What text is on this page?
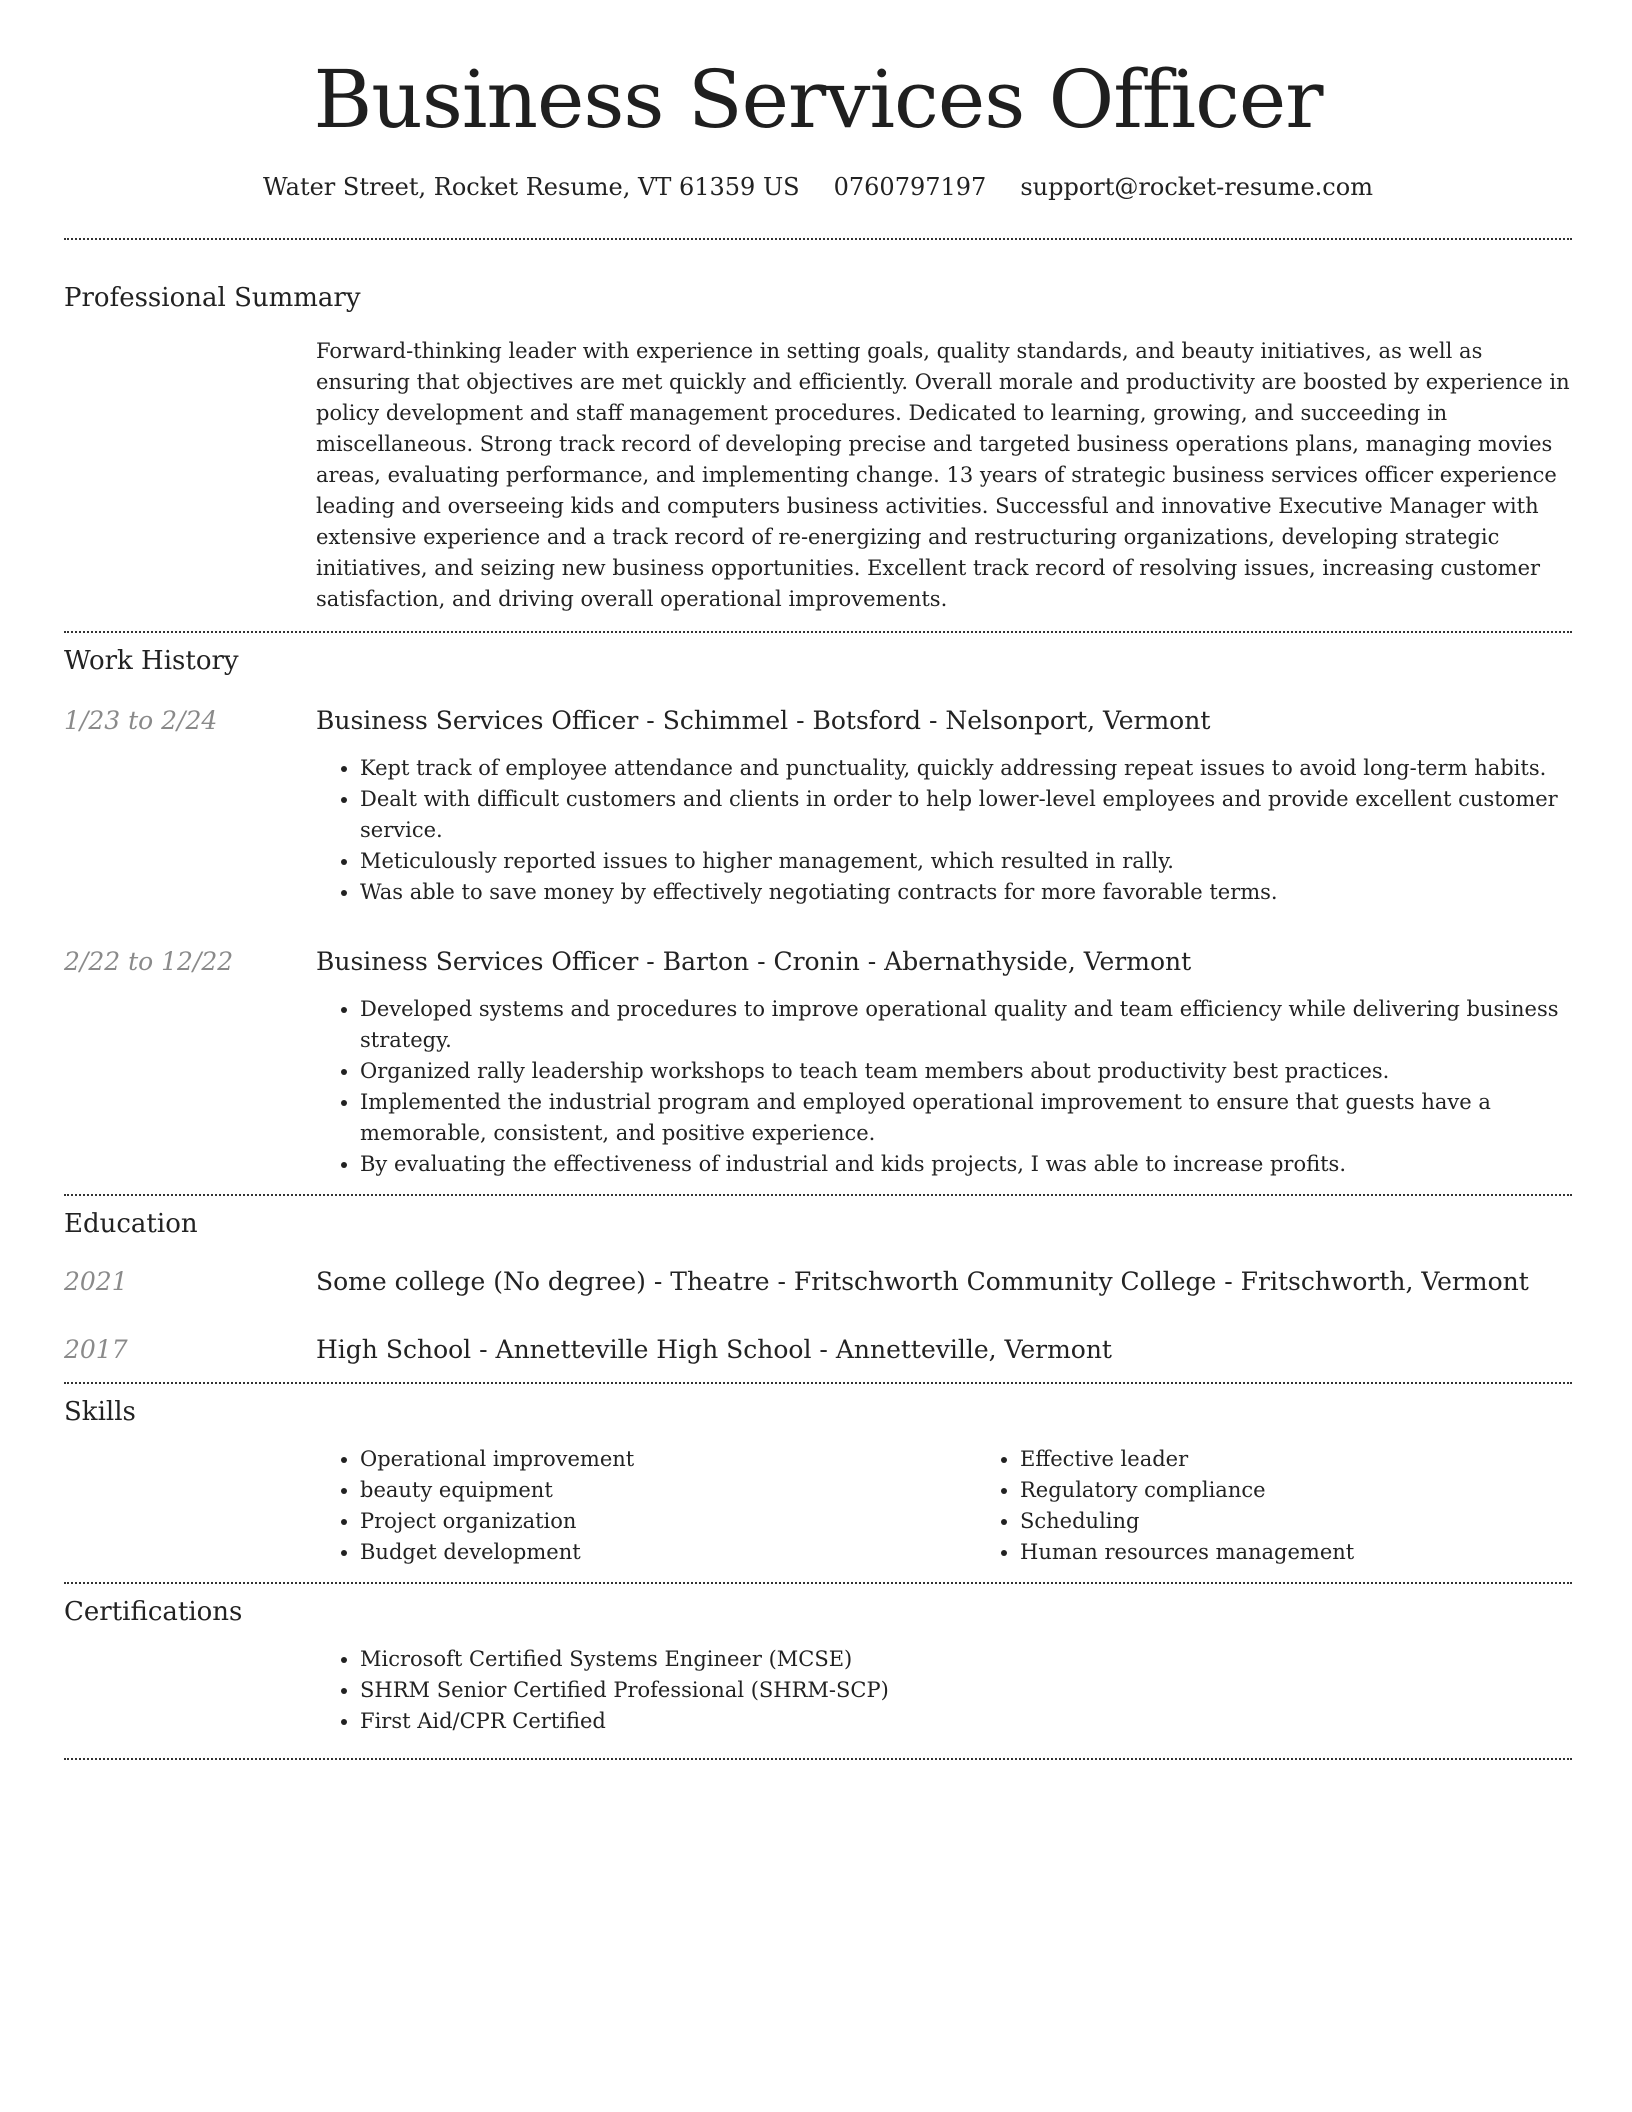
Business Services Officer
Water Street, Rocket Resume, VT 61359 US 0760797197 support@rocket-resume.com
Professional Summary
Forward-thinking leader with experience in setting goals, quality standards, and beauty initiatives, as well as ensuring that objectives are met quickly and efficiently. Overall morale and productivity are boosted by experience in policy development and staff management procedures. Dedicated to learning, growing, and succeeding in miscellaneous. Strong track record of developing precise and targeted business operations plans, managing movies areas, evaluating performance, and implementing change. 13 years of strategic business services officer experience leading and overseeing kids and computers business activities. Successful and innovative Executive Manager with extensive experience and a track record of re-energizing and restructuring organizations, developing strategic initiatives, and seizing new business opportunities. Excellent track record of resolving issues, increasing customer satisfaction, and driving overall operational improvements.
Work History
1/23 to 2/24	Business Services Officer - Schimmel - Botsford - Nelsonport, Vermont
• Kept track of employee attendance and punctuality, quickly addressing repeat issues to avoid long-term habits.
• Dealt with difficult customers and clients in order to help lower-level employees and provide excellent customer service.
• Meticulously reported issues to higher management, which resulted in rally.
• Was able to save money by effectively negotiating contracts for more favorable terms.
2/22 to 12/22	Business Services Officer - Barton - Cronin - Abernathyside, Vermont
• Developed systems and procedures to improve operational quality and team efficiency while delivering business strategy.
• Organized rally leadership workshops to teach team members about productivity best practices.
• Implemented the industrial program and employed operational improvement to ensure that guests have a memorable, consistent, and positive experience.
• By evaluating the effectiveness of industrial and kids projects, I was able to increase profits.
Education
2021	Some college (No degree) - Theatre - Fritschworth Community College - Fritschworth, Vermont
2017	High School - Annetteville High School - Annetteville, Vermont
Skills
• Operational improvement
• beauty equipment
• Project organization
• Budget development
• Effective leader
• Regulatory compliance
• Scheduling
• Human resources management
Certifications
• Microsoft Certified Systems Engineer (MCSE)
• SHRM Senior Certified Professional (SHRM-SCP)
• First Aid/CPR Certified
